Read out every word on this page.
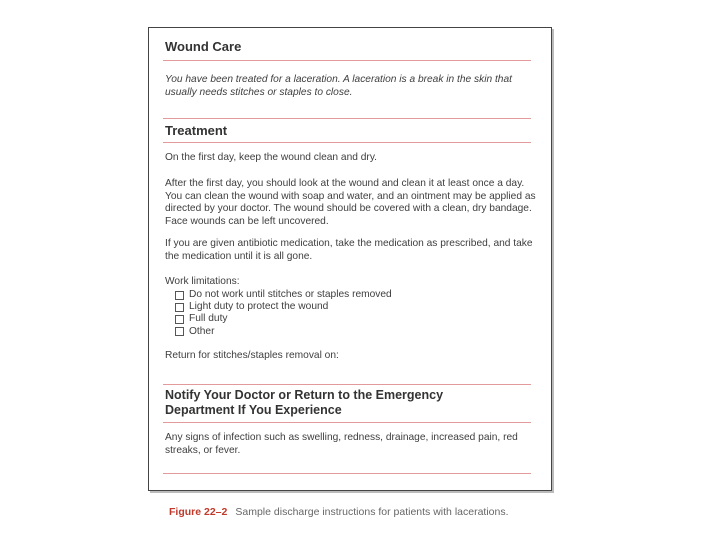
Wound Care

You have been treated for a laceration. A laceration is a break in the skin that usually needs stitches or staples to close.

Treatment

On the first day, keep the wound clean and dry.

After the first day, you should look at the wound and clean it at least once a day. You can clean the wound with soap and water, and an ointment may be applied as directed by your doctor. The wound should be covered with a clean, dry bandage. Face wounds can be left uncovered.

If you are given antibiotic medication, take the medication as prescribed, and take the medication until it is all gone.

Work limitations:

Do not work until stitches or staples removed
Light duty to protect the wound
Full duty
Other

Return for stitches/staples removal on:

Notify Your Doctor or Return to the Emergency
Department If You Experience

Any signs of infection such as swelling, redness, drainage, increased pain, red streaks, or fever.

Figure 22–2 Sample discharge instructions for patients with lacerations.
